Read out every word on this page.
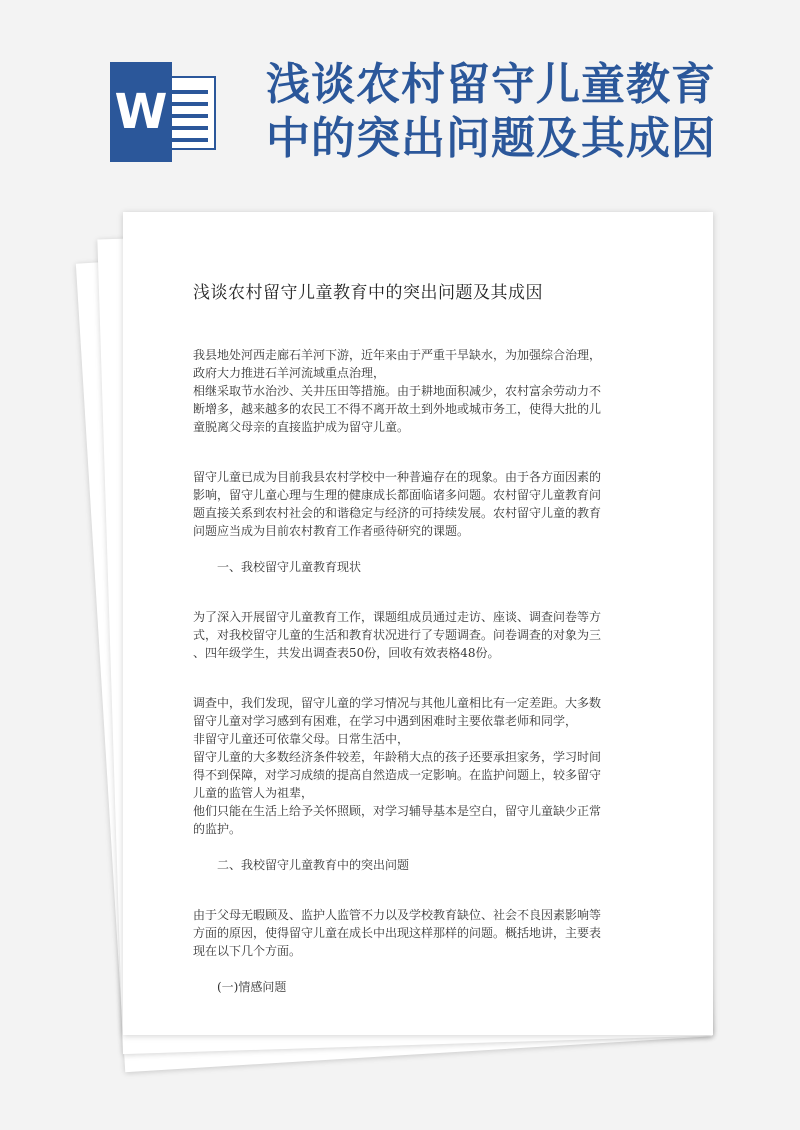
W 浅谈农村留守儿童教育
中的突出问题及其成因
浅谈农村留守儿童教育中的突出问题及其成因

我县地处河西走廊石羊河下游，近年来由于严重干旱缺水，为加强综合治理，
政府大力推进石羊河流域重点治理，
相继采取节水治沙、关井压田等措施。由于耕地面积减少，农村富余劳动力不
断增多，越来越多的农民工不得不离开故土到外地或城市务工，使得大批的儿
童脱离父母亲的直接监护成为留守儿童。

留守儿童已成为目前我县农村学校中一种普遍存在的现象。由于各方面因素的
影响，留守儿童心理与生理的健康成长都面临诸多问题。农村留守儿童教育问
题直接关系到农村社会的和谐稳定与经济的可持续发展。农村留守儿童的教育
问题应当成为目前农村教育工作者亟待研究的课题。

一、我校留守儿童教育现状

为了深入开展留守儿童教育工作，课题组成员通过走访、座谈、调查问卷等方
式，对我校留守儿童的生活和教育状况进行了专题调查。问卷调查的对象为三
、四年级学生，共发出调查表50份，回收有效表格48份。

调查中，我们发现，留守儿童的学习情况与其他儿童相比有一定差距。大多数
留守儿童对学习感到有困难，在学习中遇到困难时主要依靠老师和同学，
非留守儿童还可依靠父母。日常生活中，
留守儿童的大多数经济条件较差，年龄稍大点的孩子还要承担家务，学习时间
得不到保障，对学习成绩的提高自然造成一定影响。在监护问题上，较多留守
儿童的监管人为祖辈，
他们只能在生活上给予关怀照顾，对学习辅导基本是空白，留守儿童缺少正常
的监护。

二、我校留守儿童教育中的突出问题

由于父母无暇顾及、监护人监管不力以及学校教育缺位、社会不良因素影响等
方面的原因，使得留守儿童在成长中出现这样那样的问题。概括地讲，主要表
现在以下几个方面。

(一)情感问题
